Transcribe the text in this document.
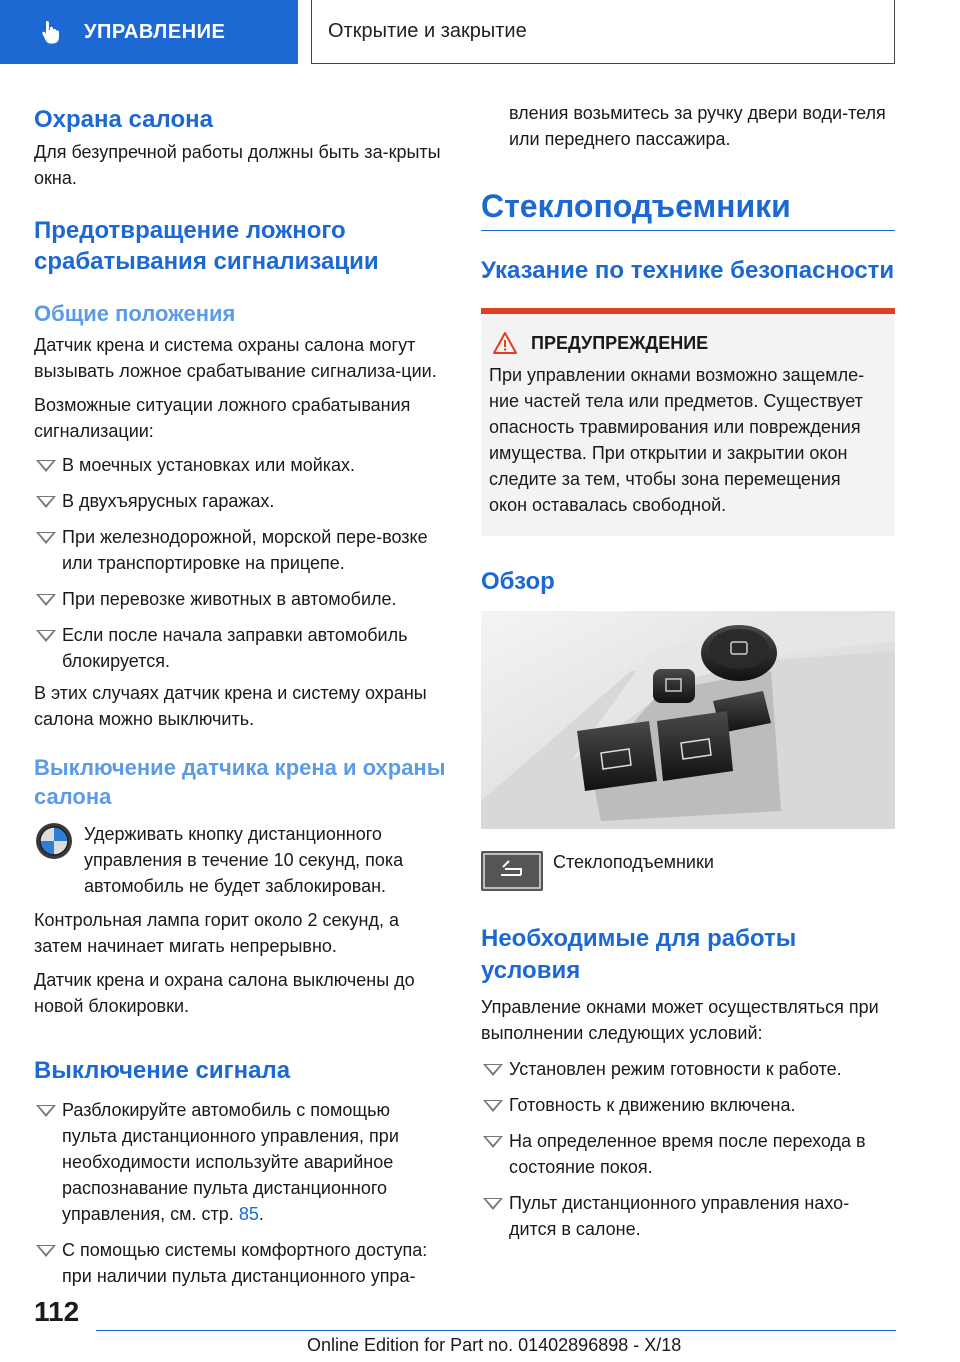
УПРАВЛЕНИЕ	Открытие и закрытие
Охрана салона

Для безупречной работы должны быть за-крыты окна.

Предотвращение ложного срабатывания сигнализации
Общие положения

Датчик крена и система охраны салона могут вызывать ложное срабатывание сигнализа-ции.

Возможные ситуации ложного срабатывания сигнализации:

В моечных установках или мойках.
В двухъярусных гаражах.
При железнодорожной, морской пере-возке или транспортировке на прицепе.
При перевозке животных в автомобиле.
Если после начала заправки автомобиль блокируется.

В этих случаях датчик крена и систему охраны салона можно выключить.

Выключение датчика крена и охраны салона

Удерживать кнопку дистанционного управления в течение 10 секунд, пока автомобиль не будет заблокирован.

Контрольная лампа горит около 2 секунд, а затем начинает мигать непрерывно.

Датчик крена и охрана салона выключены до новой блокировки.

Выключение сигнала
Разблокируйте автомобиль с помощью пульта дистанционного управления, при необходимости используйте аварийное распознавание пульта дистанционного управления, см. стр. 85.
С помощью системы комфортного доступа: при наличии пульта дистанционного упра-

вления возьмитесь за ручку двери води-теля или переднего пассажира.

Стеклоподъемники
Указание по технике безопасности
ПРЕДУПРЕЖДЕНИЕ

При управлении окнами возможно защемле-ние частей тела или предметов. Существует опасность травмирования или повреждения имущества. При открытии и закрытии окон следите за тем, чтобы зона перемещения окон оставалась свободной.

Обзор

Стеклоподъемники

Необходимые для работы условия

Управление окнами может осуществляться при выполнении следующих условий:

Установлен режим готовности к работе.
Готовность к движению включена.
На определенное время после перехода в состояние покоя.
Пульт дистанционного управления нахо-дится в салоне.
112
Online Edition for Part no. 01402896898 - X/18
